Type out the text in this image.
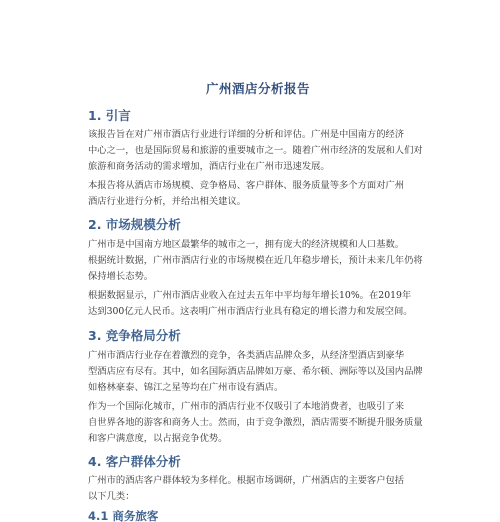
广州酒店分析报告
1. 引言
该报告旨在对广州市酒店行业进行详细的分析和评估。广州是中国南方的经济
中心之一，也是国际贸易和旅游的重要城市之一。随着广州市经济的发展和人们对
旅游和商务活动的需求增加，酒店行业在广州市迅速发展。
本报告将从酒店市场规模、竞争格局、客户群体、服务质量等多个方面对广州
酒店行业进行分析，并给出相关建议。
2. 市场规模分析
广州市是中国南方地区最繁华的城市之一，拥有庞大的经济规模和人口基数。
根据统计数据，广州市酒店行业的市场规模在近几年稳步增长，预计未来几年仍将
保持增长态势。
根据数据显示，广州市酒店业收入在过去五年中平均每年增长10%。在2019年
达到300亿元人民币。这表明广州市酒店行业具有稳定的增长潜力和发展空间。
3. 竞争格局分析
广州市酒店行业存在着激烈的竞争，各类酒店品牌众多，从经济型酒店到豪华
型酒店应有尽有。其中，如名国际酒店品牌如万豪、希尔顿、洲际等以及国内品牌
如格林豪泰、锦江之星等均在广州市设有酒店。
作为一个国际化城市，广州市的酒店行业不仅吸引了本地消费者，也吸引了来
自世界各地的游客和商务人士。然而，由于竞争激烈，酒店需要不断提升服务质量
和客户满意度，以占据竞争优势。
4. 客户群体分析
广州市的酒店客户群体较为多样化。根据市场调研，广州酒店的主要客户包括
以下几类：
4.1 商务旅客
